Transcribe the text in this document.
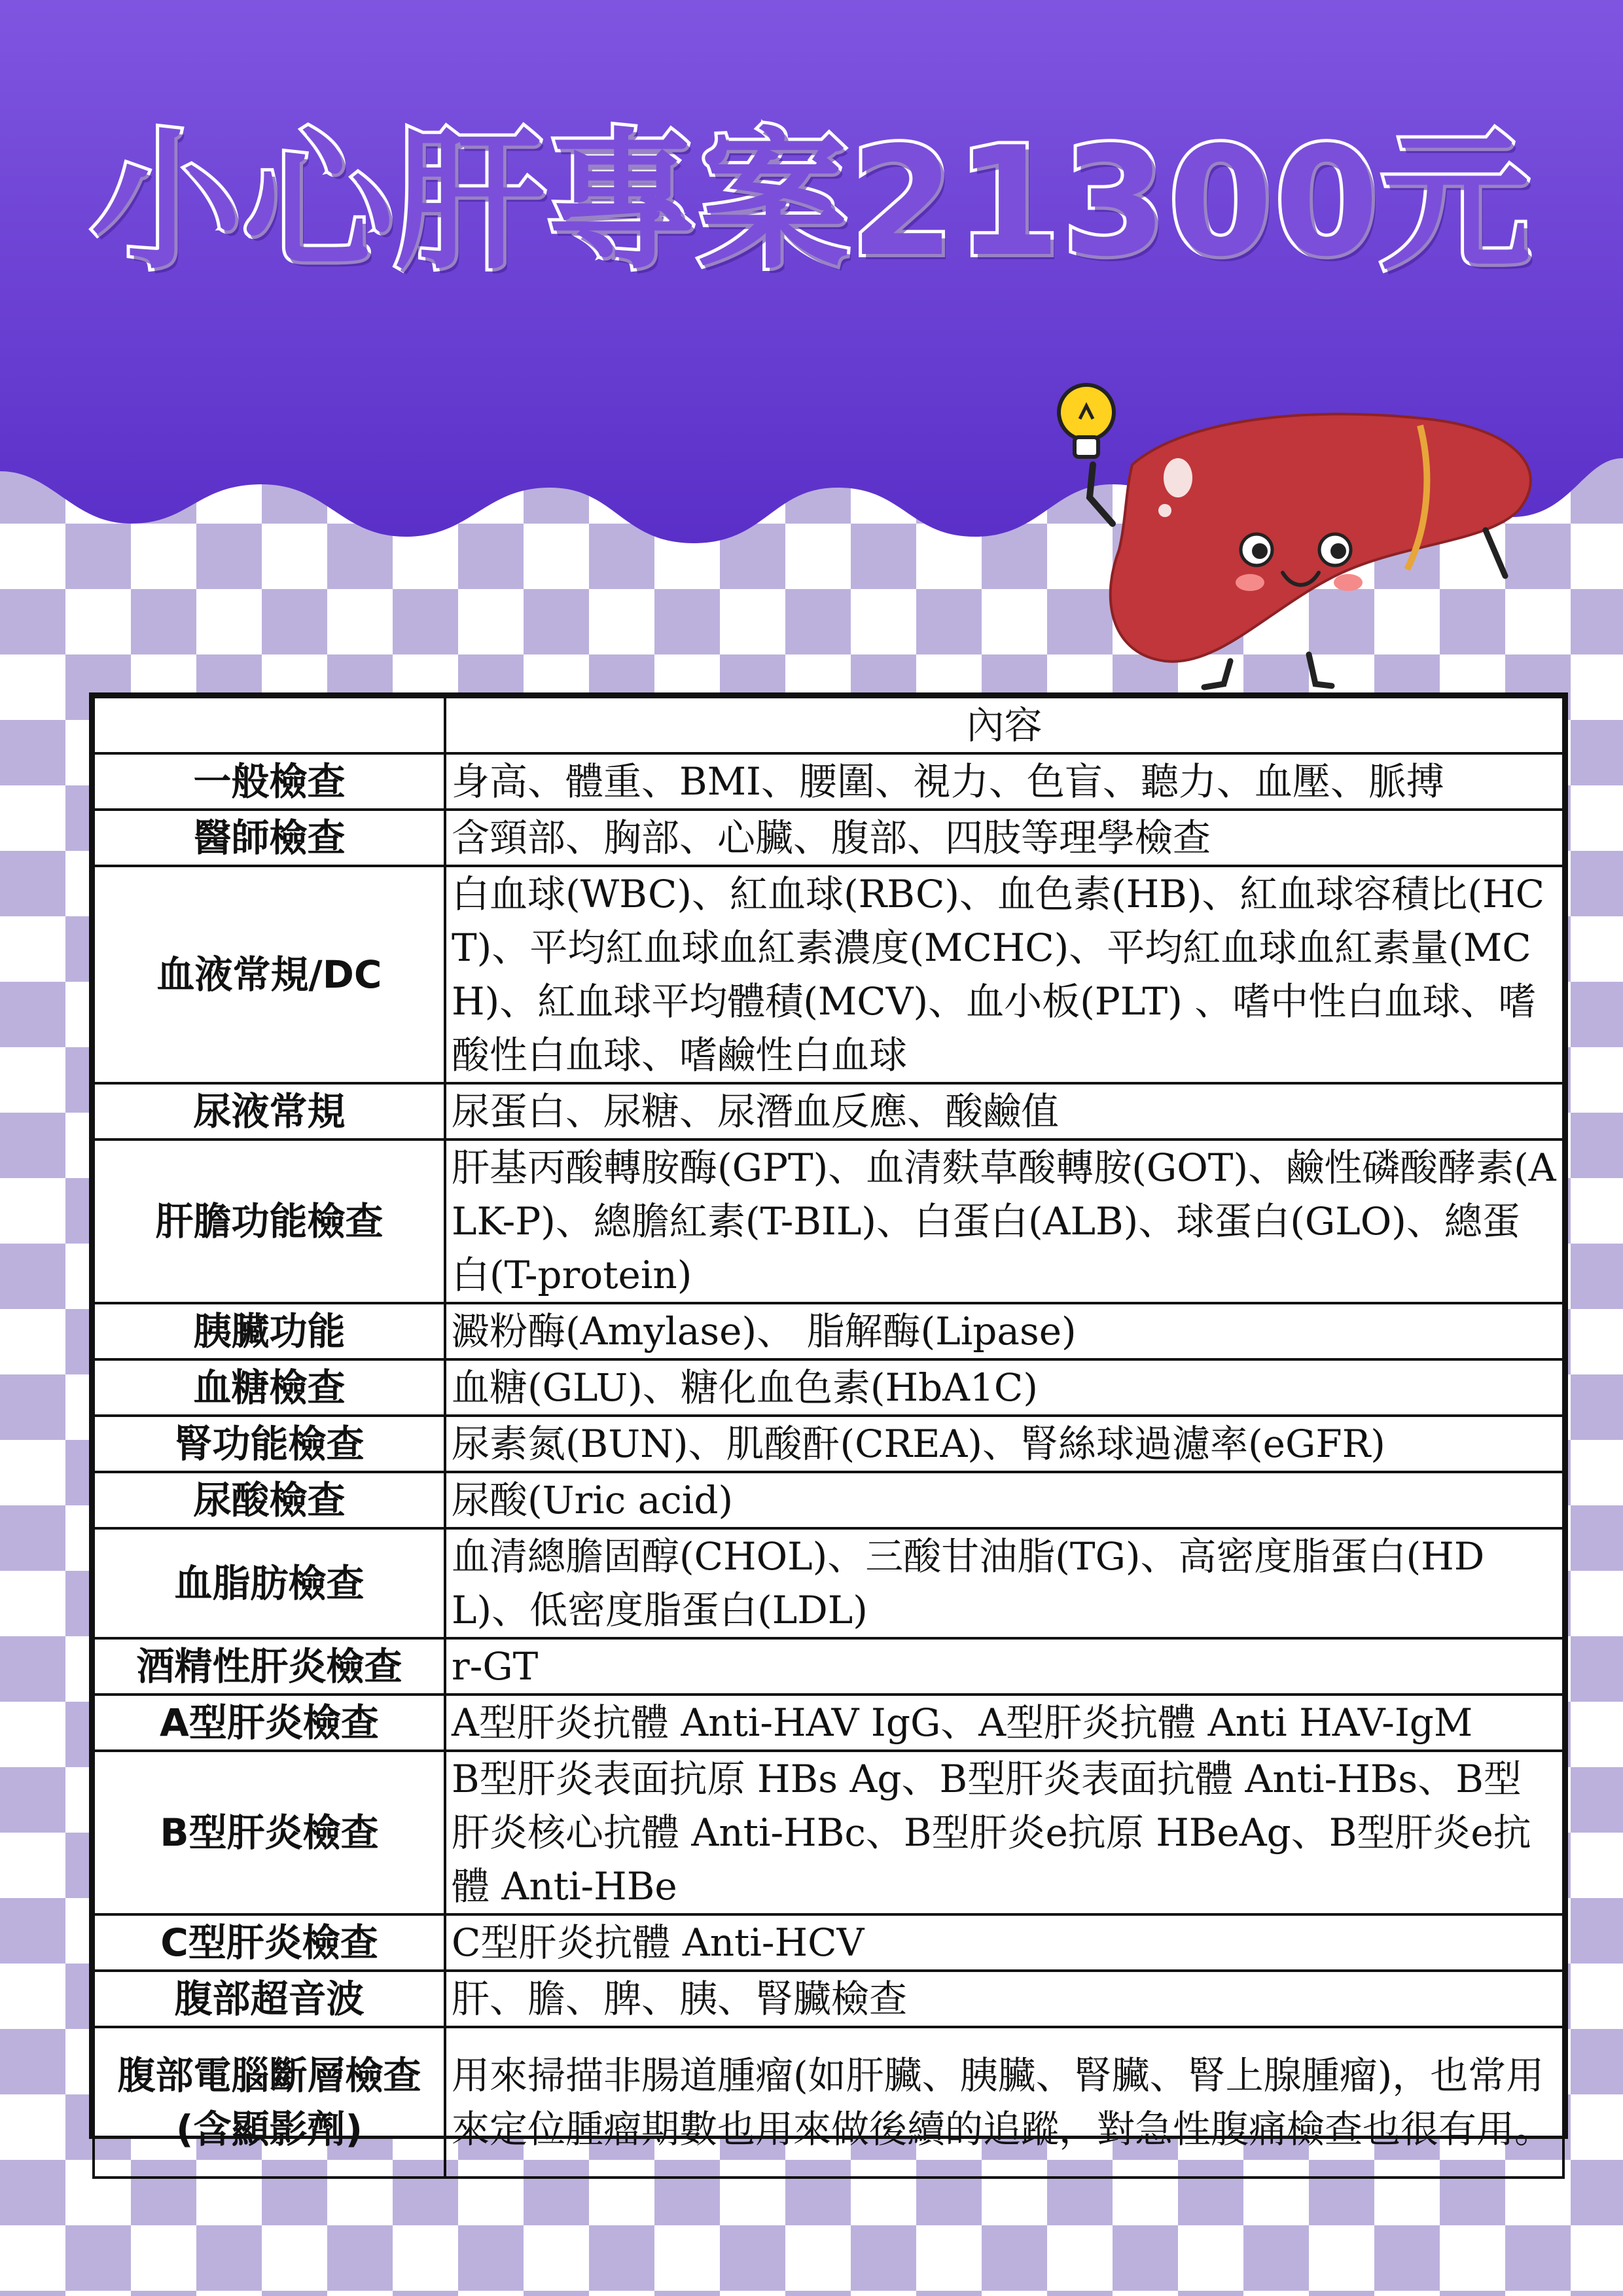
小心肝專案21300元
	內容
一般檢查	身高、體重、BMI、腰圍、視力、色盲、聽力、血壓、脈搏
醫師檢查	含頸部、胸部、心臟、腹部、四肢等理學檢查
血液常規/DC	白血球(WBC)、紅血球(RBC)、血色素(HB)、紅血球容積比(HCT)、平均紅血球血紅素濃度(MCHC)、平均紅血球血紅素量(MCH)、紅血球平均體積(MCV)、血小板(PLT) 、嗜中性白血球、嗜酸性白血球、嗜鹼性白血球
尿液常規	尿蛋白、尿糖、尿潛血反應、酸鹼值
肝膽功能檢查	肝基丙酸轉胺酶(GPT)、血清麩草酸轉胺(GOT)、鹼性磷酸酵素(ALK-P)、總膽紅素(T-BIL)、白蛋白(ALB)、球蛋白(GLO)、總蛋白(T-protein)
胰臟功能	澱粉酶(Amylase)、 脂解酶(Lipase)
血糖檢查	血糖(GLU)、糖化血色素(HbA1C)
腎功能檢查	尿素氮(BUN)、肌酸酐(CREA)、腎絲球過濾率(eGFR)
尿酸檢查	尿酸(Uric acid)
血脂肪檢查	血清總膽固醇(CHOL)、三酸甘油脂(TG)、高密度脂蛋白(HDL)、低密度脂蛋白(LDL)
酒精性肝炎檢查	r-GT
A型肝炎檢查	A型肝炎抗體 Anti-HAV IgG、A型肝炎抗體 Anti HAV-IgM
B型肝炎檢查	B型肝炎表面抗原 HBs Ag、B型肝炎表面抗體 Anti-HBs、B型肝炎核心抗體 Anti-HBc、B型肝炎e抗原 HBeAg、B型肝炎e抗體 Anti-HBe
C型肝炎檢查	C型肝炎抗體 Anti-HCV
腹部超音波	肝、膽、脾、胰、腎臟檢查
腹部電腦斷層檢查(含顯影劑)	用來掃描非腸道腫瘤(如肝臟、胰臟、腎臟、腎上腺腫瘤)，也常用來定位腫瘤期數也用來做後續的追蹤，對急性腹痛檢查也很有用。
